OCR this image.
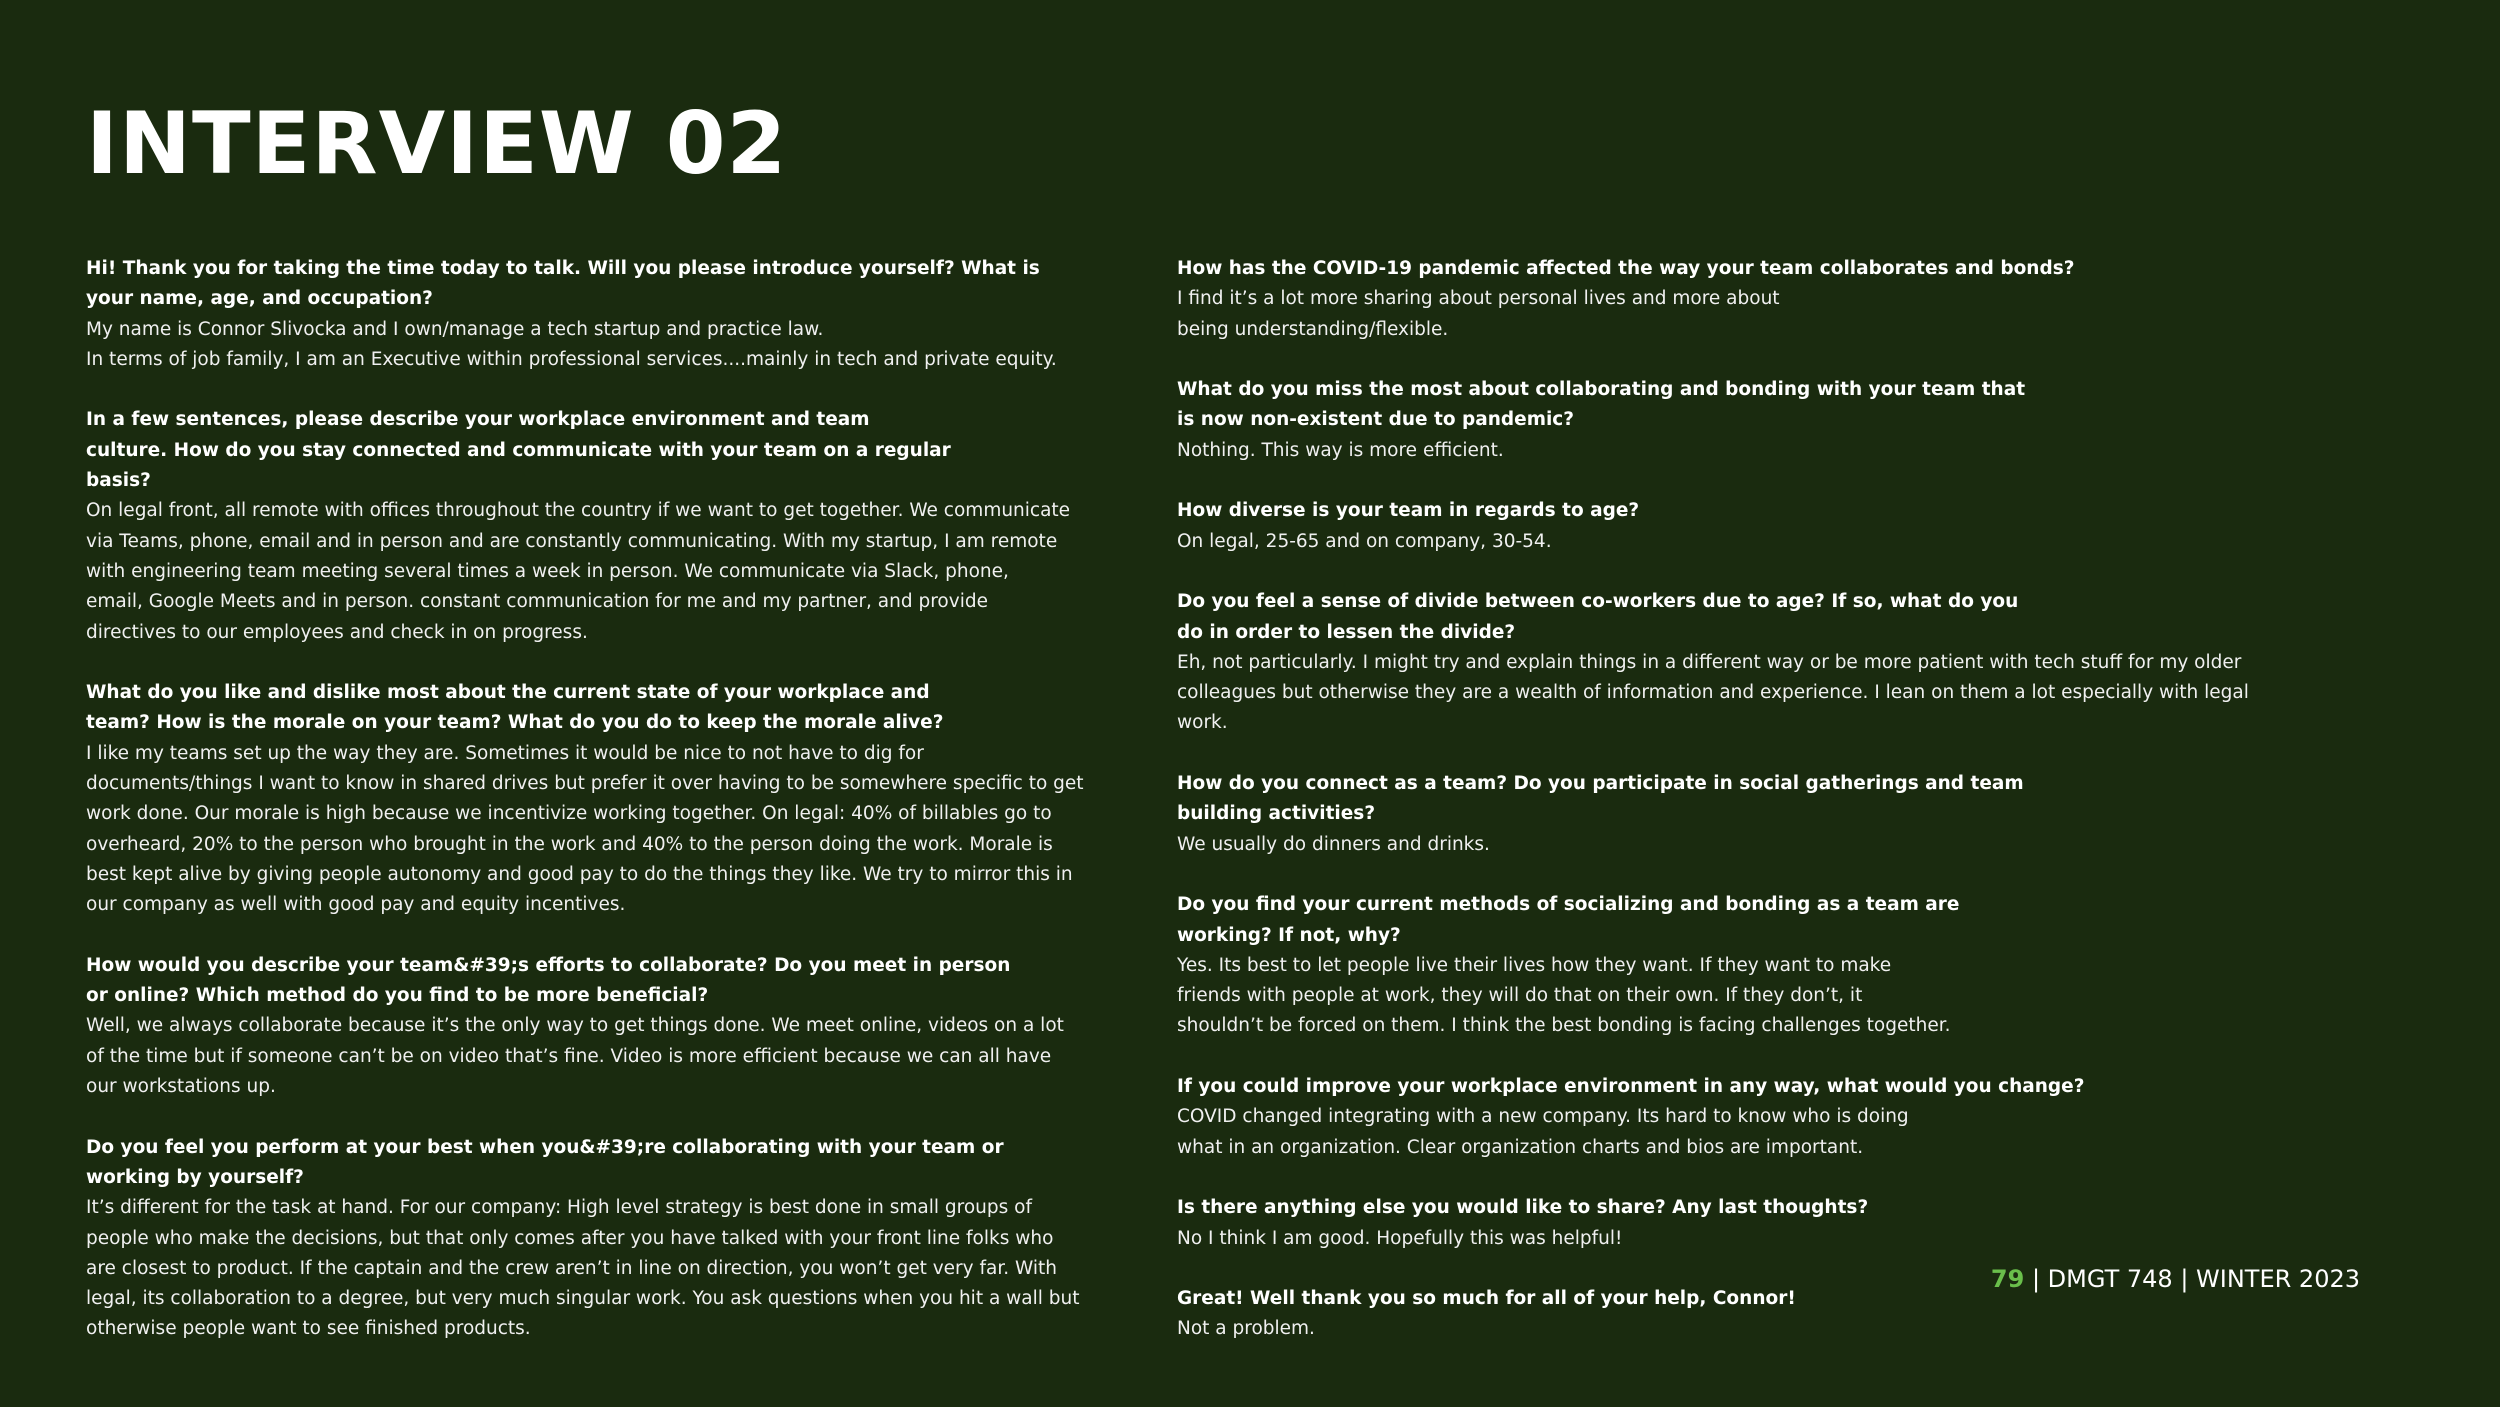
INTERVIEW 02

Hi! Thank you for taking the time today to talk. Will you please introduce yourself? What is your name, age, and occupation?

My name is Connor Slivocka and I own/manage a tech startup and practice law.

In terms of job family, I am an Executive within professional services....mainly in tech and private equity.

In a few sentences, please describe your workplace environment and team culture. How do you stay connected and communicate with your team on a regular basis?

On legal front, all remote with offices throughout the country if we want to get together. We communicate via Teams, phone, email and in person and are constantly communicating. With my startup, I am remote with engineering team meeting several times a week in person. We communicate via Slack, phone, email, Google Meets and in person. constant communication for me and my partner, and provide directives to our employees and check in on progress.

What do you like and dislike most about the current state of your workplace and team? How is the morale on your team? What do you do to keep the morale alive?

I like my teams set up the way they are. Sometimes it would be nice to not have to dig for documents/things I want to know in shared drives but prefer it over having to be somewhere specific to get work done. Our morale is high because we incentivize working together. On legal: 40% of billables go to overheard, 20% to the person who brought in the work and 40% to the person doing the work. Morale is best kept alive by giving people autonomy and good pay to do the things they like. We try to mirror this in our company as well with good pay and equity incentives.

How would you describe your team&#39;s efforts to collaborate? Do you meet in person or online? Which method do you find to be more beneficial?

Well, we always collaborate because it’s the only way to get things done. We meet online, videos on a lot of the time but if someone can’t be on video that’s fine. Video is more efficient because we can all have our workstations up.

Do you feel you perform at your best when you&#39;re collaborating with your team or working by yourself?

It’s different for the task at hand. For our company: High level strategy is best done in small groups of people who make the decisions, but that only comes after you have talked with your front line folks who are closest to product. If the captain and the crew aren’t in line on direction, you won’t get very far. With legal, its collaboration to a degree, but very much singular work. You ask questions when you hit a wall but otherwise people want to see finished products.

How has the COVID-19 pandemic affected the way your team collaborates and bonds?

I find it’s a lot more sharing about personal lives and more about being understanding/flexible.

What do you miss the most about collaborating and bonding with your team that is now non-existent due to pandemic?

Nothing. This way is more efficient.

How diverse is your team in regards to age?

On legal, 25-65 and on company, 30-54.

Do you feel a sense of divide between co-workers due to age? If so, what do you do in order to lessen the divide?

Eh, not particularly. I might try and explain things in a different way or be more patient with tech stuff for my older colleagues but otherwise they are a wealth of information and experience. I lean on them a lot especially with legal work.

How do you connect as a team? Do you participate in social gatherings and team building activities?

We usually do dinners and drinks.

Do you find your current methods of socializing and bonding as a team are working? If not, why?

Yes. Its best to let people live their lives how they want. If they want to make friends with people at work, they will do that on their own. If they don’t, it shouldn’t be forced on them. I think the best bonding is facing challenges together.

If you could improve your workplace environment in any way, what would you change?

COVID changed integrating with a new company. Its hard to know who is doing what in an organization. Clear organization charts and bios are important.

Is there anything else you would like to share? Any last thoughts?

No I think I am good. Hopefully this was helpful!

Great! Well thank you so much for all of your help, Connor!

Not a problem.

79 | DMGT 748 | WINTER 2023
